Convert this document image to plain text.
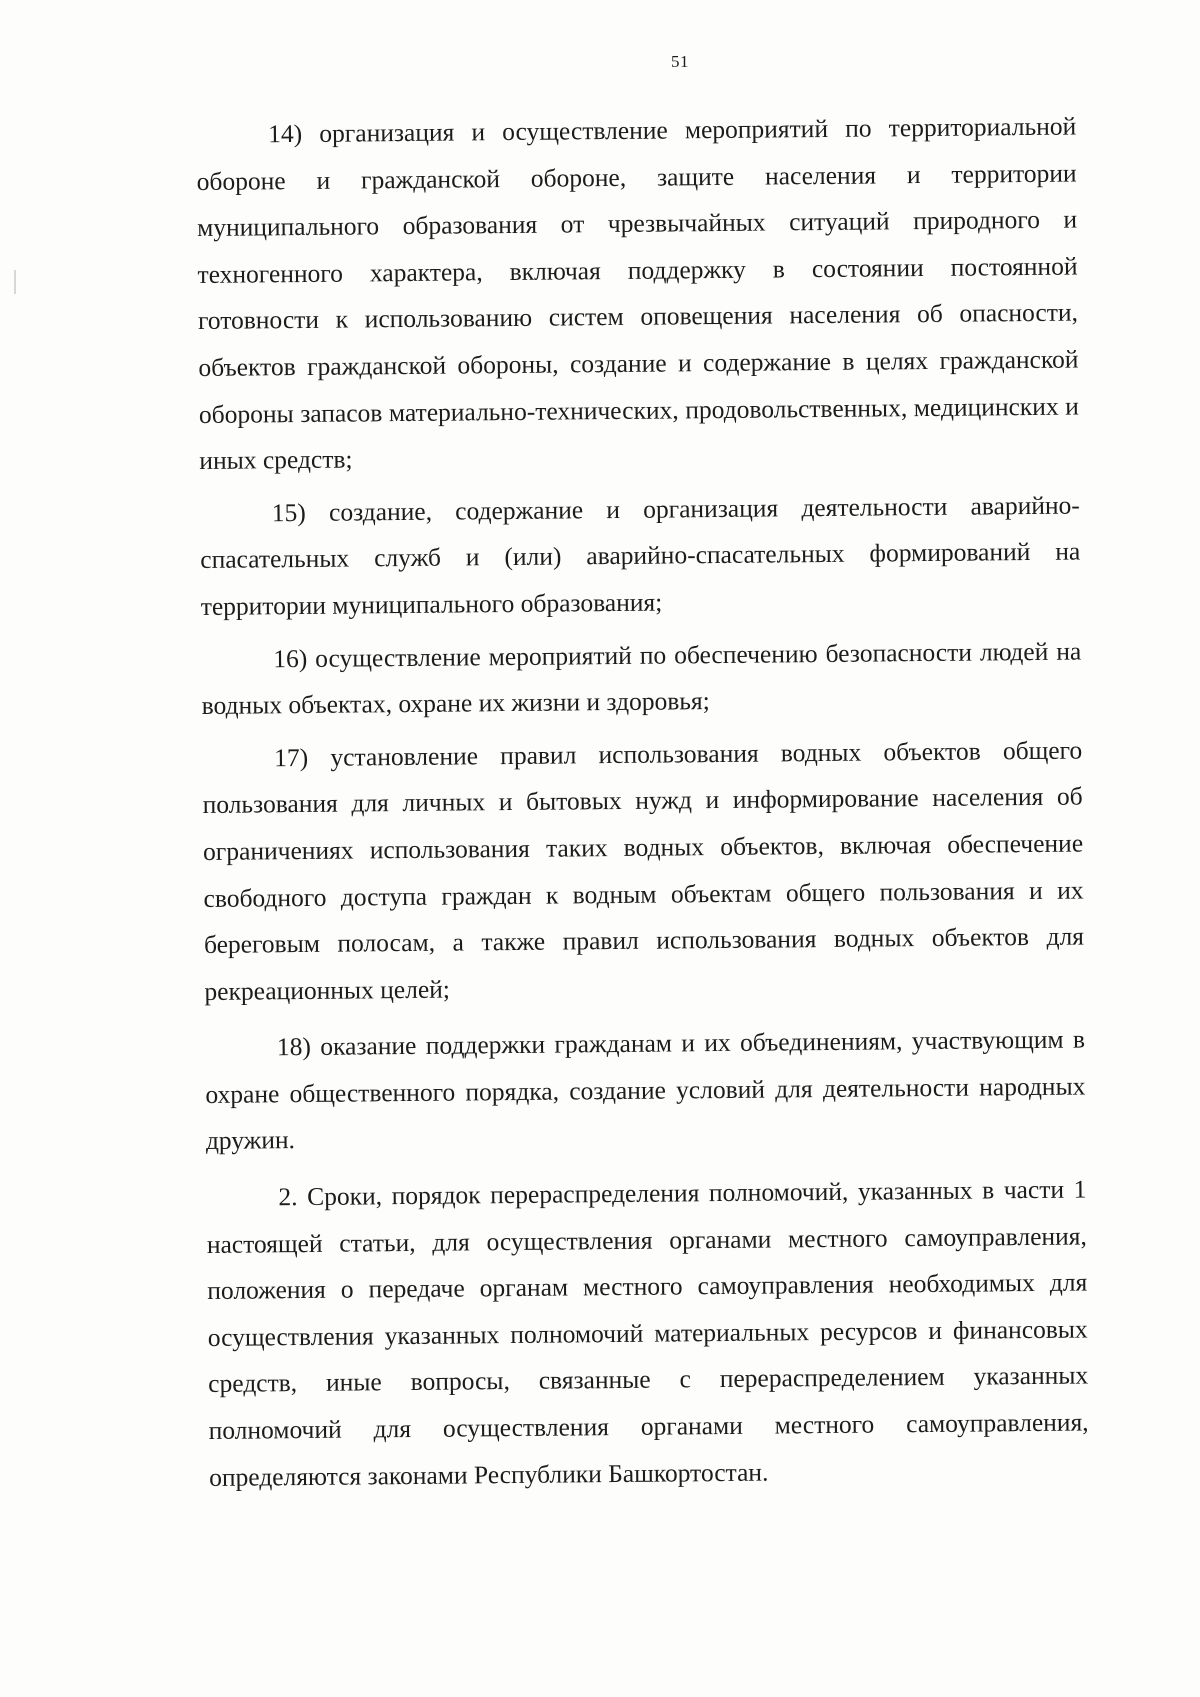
51

14) организация и осуществление мероприятий по территориальной обороне и гражданской обороне, защите населения и территории муниципального образования от чрезвычайных ситуаций природного и техногенного характера, включая поддержку в состоянии постоянной готовности к использованию систем оповещения населения об опасности, объектов гражданской обороны, создание и содержание в целях гражданской обороны запасов материально-технических, продовольственных, медицинских и иных средств;

15) создание, содержание и организация деятельности аварийно-спасательных служб и (или) аварийно-спасательных формирований на территории муниципального образования;

16) осуществление мероприятий по обеспечению безопасности людей на водных объектах, охране их жизни и здоровья;

17) установление правил использования водных объектов общего пользования для личных и бытовых нужд и информирование населения об ограничениях использования таких водных объектов, включая обеспечение свободного доступа граждан к водным объектам общего пользования и их береговым полосам, а также правил использования водных объектов для рекреационных целей;

18) оказание поддержки гражданам и их объединениям, участвующим в охране общественного порядка, создание условий для деятельности народных дружин.

2. Сроки, порядок перераспределения полномочий, указанных в части 1 настоящей статьи, для осуществления органами местного самоуправления, положения о передаче органам местного самоуправления необходимых для осуществления указанных полномочий материальных ресурсов и финансовых средств, иные вопросы, связанные с перераспределением указанных полномочий для осуществления органами местного самоуправления, определяются законами Республики Башкортостан.
